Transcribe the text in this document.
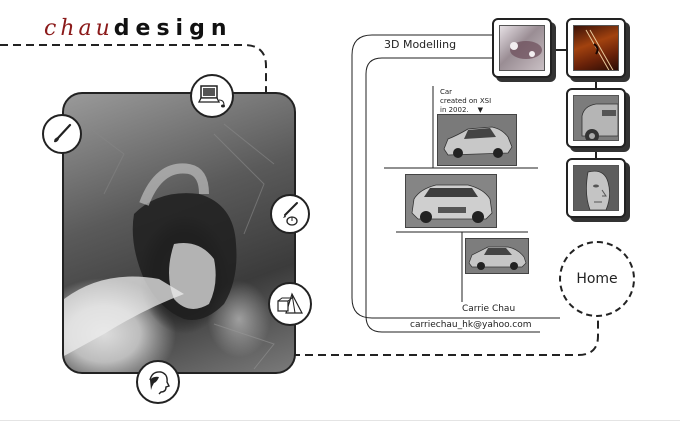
chaudesign
3D Modelling
Car
created on XSI
in 2002. ▼
Carrie Chau
carriechau_hk@yahoo.com
Home
